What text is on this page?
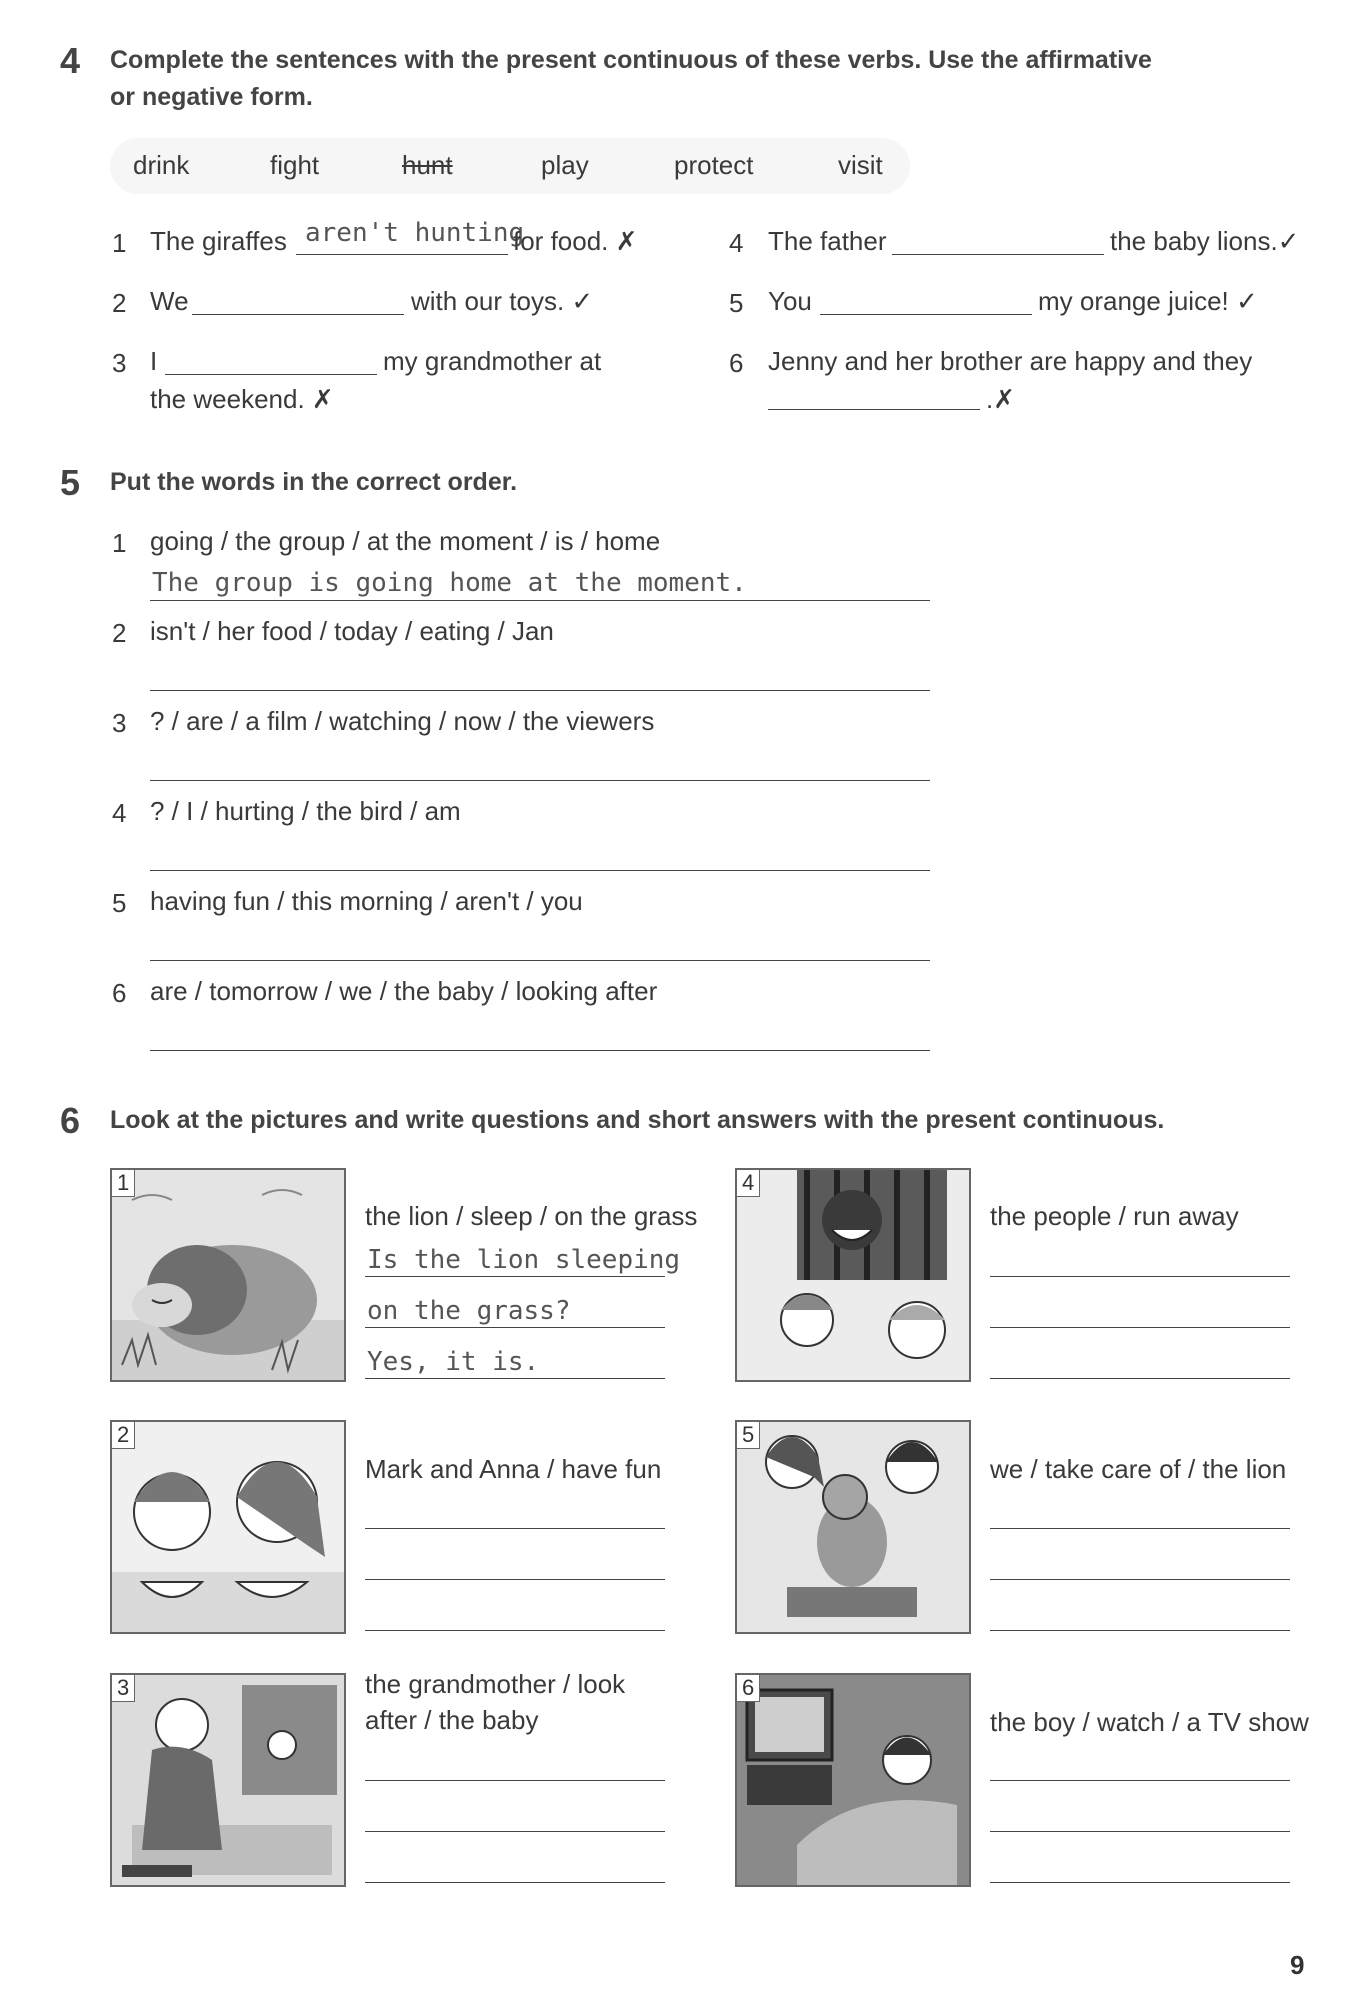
4 Complete the sentences with the present continuous of these verbs. Use the affirmative
or negative form.
drink	fight	hunt	play	protect	visit
1 The giraffes aren't hunting
for food. ✗
2 We	with our toys. ✓
3 I	my grandmother at
the weekend. ✗
4 The father	the baby lions.✓
5 You	my orange juice! ✓
6 Jenny and her brother are happy and they
.✗
5 Put the words in the correct order.
1 going / the group / at the moment / is / home
The group is going home at the moment.
2 isn't / her food / today / eating / Jan
3 ? / are / a film / watching / now / the viewers
4 ? / I / hurting / the bird / am
5 having fun / this morning / aren't / you
6 are / tomorrow / we / the baby / looking after
6 Look at the pictures and write questions and short answers with the present continuous.
1
the lion / sleep / on the grass
Is the lion sleeping
on the grass?
Yes, it is.
2
Mark and Anna / have fun
3	the grandmother / look
after / the baby
4
the people / run away
5
we / take care of / the lion
6
the boy / watch / a TV show
9
